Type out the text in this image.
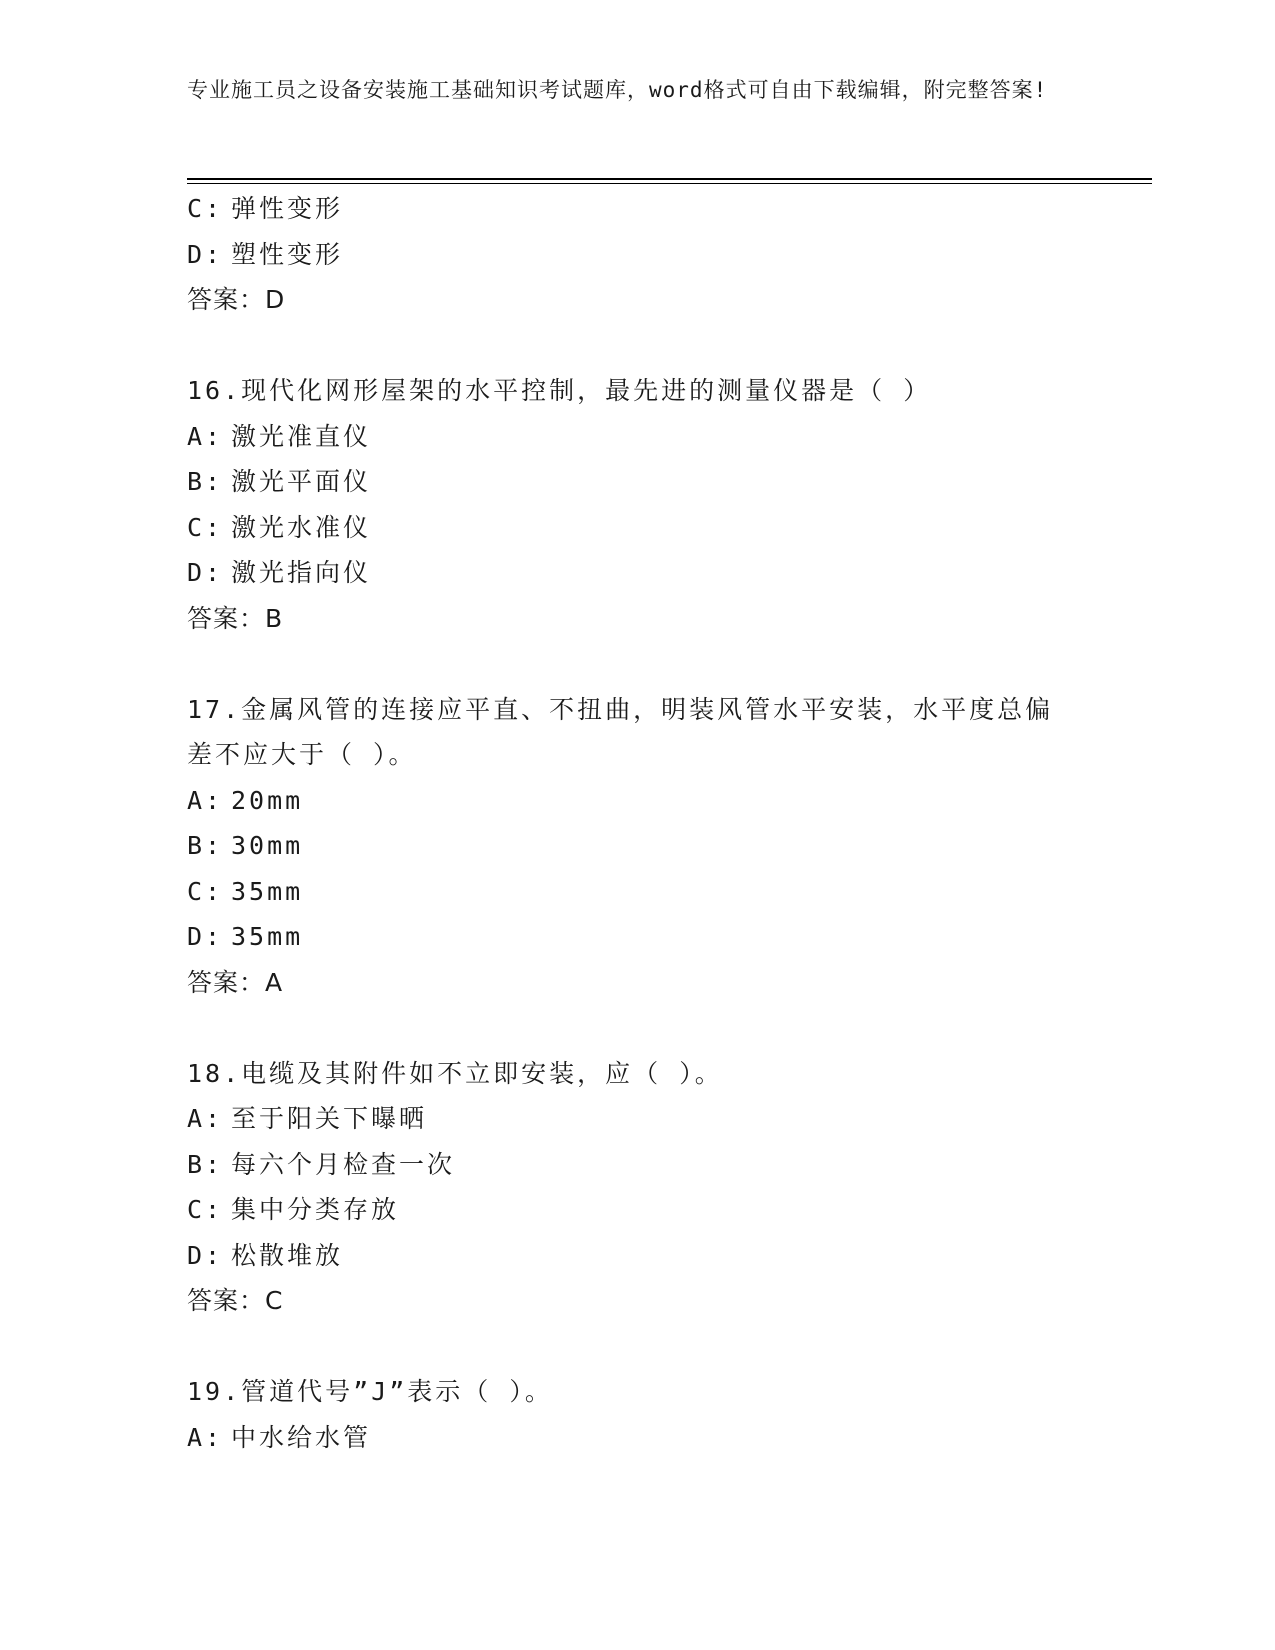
专业施工员之设备安装施工基础知识考试题库，word格式可自由下载编辑，附完整答案!
C: 弹性变形
D: 塑性变形
答案：D
16.现代化网形屋架的水平控制，最先进的测量仪器是（ ）
A: 激光准直仪
B: 激光平面仪
C: 激光水准仪
D: 激光指向仪
答案：B
17.金属风管的连接应平直、不扭曲，明装风管水平安装，水平度总偏差不应大于（ ）。
A: 20mm
B: 30mm
C: 35mm
D: 35mm
答案：A
18.电缆及其附件如不立即安装，应（ ）。
A: 至于阳关下曝晒
B: 每六个月检查一次
C: 集中分类存放
D: 松散堆放
答案：C
19.管道代号”J”表示（ ）。
A: 中水给水管
